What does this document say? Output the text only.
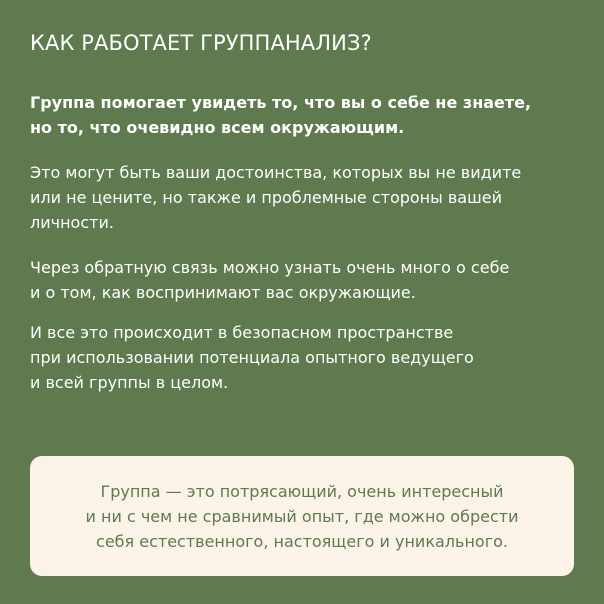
КАК РАБОТАЕТ ГРУППАНАЛИЗ?
Группа помогает увидеть то, что вы о себе не знаете,
но то, что очевидно всем окружающим.
Это могут быть ваши достоинства, которых вы не видите
или не цените, но также и проблемные стороны вашей
личности.
Через обратную связь можно узнать очень много о себе
и о том, как воспринимают вас окружающие.
И все это происходит в безопасном пространстве
при использовании потенциала опытного ведущего
и всей группы в целом.
Группа — это потрясающий, очень интересный
и ни с чем не сравнимый опыт, где можно обрести
себя естественного, настоящего и уникального.
